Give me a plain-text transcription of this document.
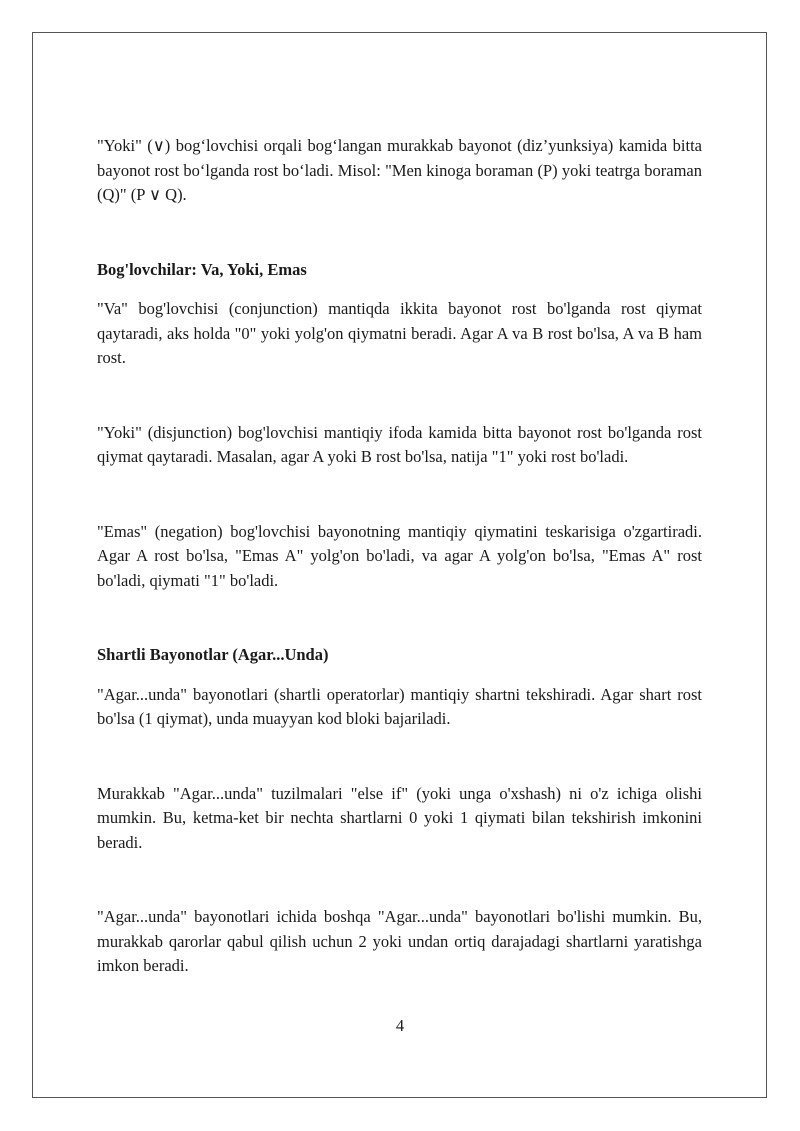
"Yoki" (∨) bog‘lovchisi orqali bog‘langan murakkab bayonot (diz’yunksiya) kamida bitta bayonot rost bo‘lganda rost bo‘ladi. Misol: "Men kinoga boraman (P) yoki teatrga boraman (Q)" (P ∨ Q).

Bog'lovchilar: Va, Yoki, Emas

"Va" bog'lovchisi (conjunction) mantiqda ikkita bayonot rost bo'lganda rost qiymat qaytaradi, aks holda "0" yoki yolg'on qiymatni beradi. Agar A va B rost bo'lsa, A va B ham rost.

"Yoki" (disjunction) bog'lovchisi mantiqiy ifoda kamida bitta bayonot rost bo'lganda rost qiymat qaytaradi. Masalan, agar A yoki B rost bo'lsa, natija "1" yoki rost bo'ladi.

"Emas" (negation) bog'lovchisi bayonotning mantiqiy qiymatini teskarisiga o'zgartiradi. Agar A rost bo'lsa, "Emas A" yolg'on bo'ladi, va agar A yolg'on bo'lsa, "Emas A" rost bo'ladi, qiymati "1" bo'ladi.

Shartli Bayonotlar (Agar...Unda)

"Agar...unda" bayonotlari (shartli operatorlar) mantiqiy shartni tekshiradi. Agar shart rost bo'lsa (1 qiymat), unda muayyan kod bloki bajariladi.

Murakkab "Agar...unda" tuzilmalari "else if" (yoki unga o'xshash) ni o'z ichiga olishi mumkin. Bu, ketma-ket bir nechta shartlarni 0 yoki 1 qiymati bilan tekshirish imkonini beradi.

"Agar...unda" bayonotlari ichida boshqa "Agar...unda" bayonotlari bo'lishi mumkin. Bu, murakkab qarorlar qabul qilish uchun 2 yoki undan ortiq darajadagi shartlarni yaratishga imkon beradi.

4
